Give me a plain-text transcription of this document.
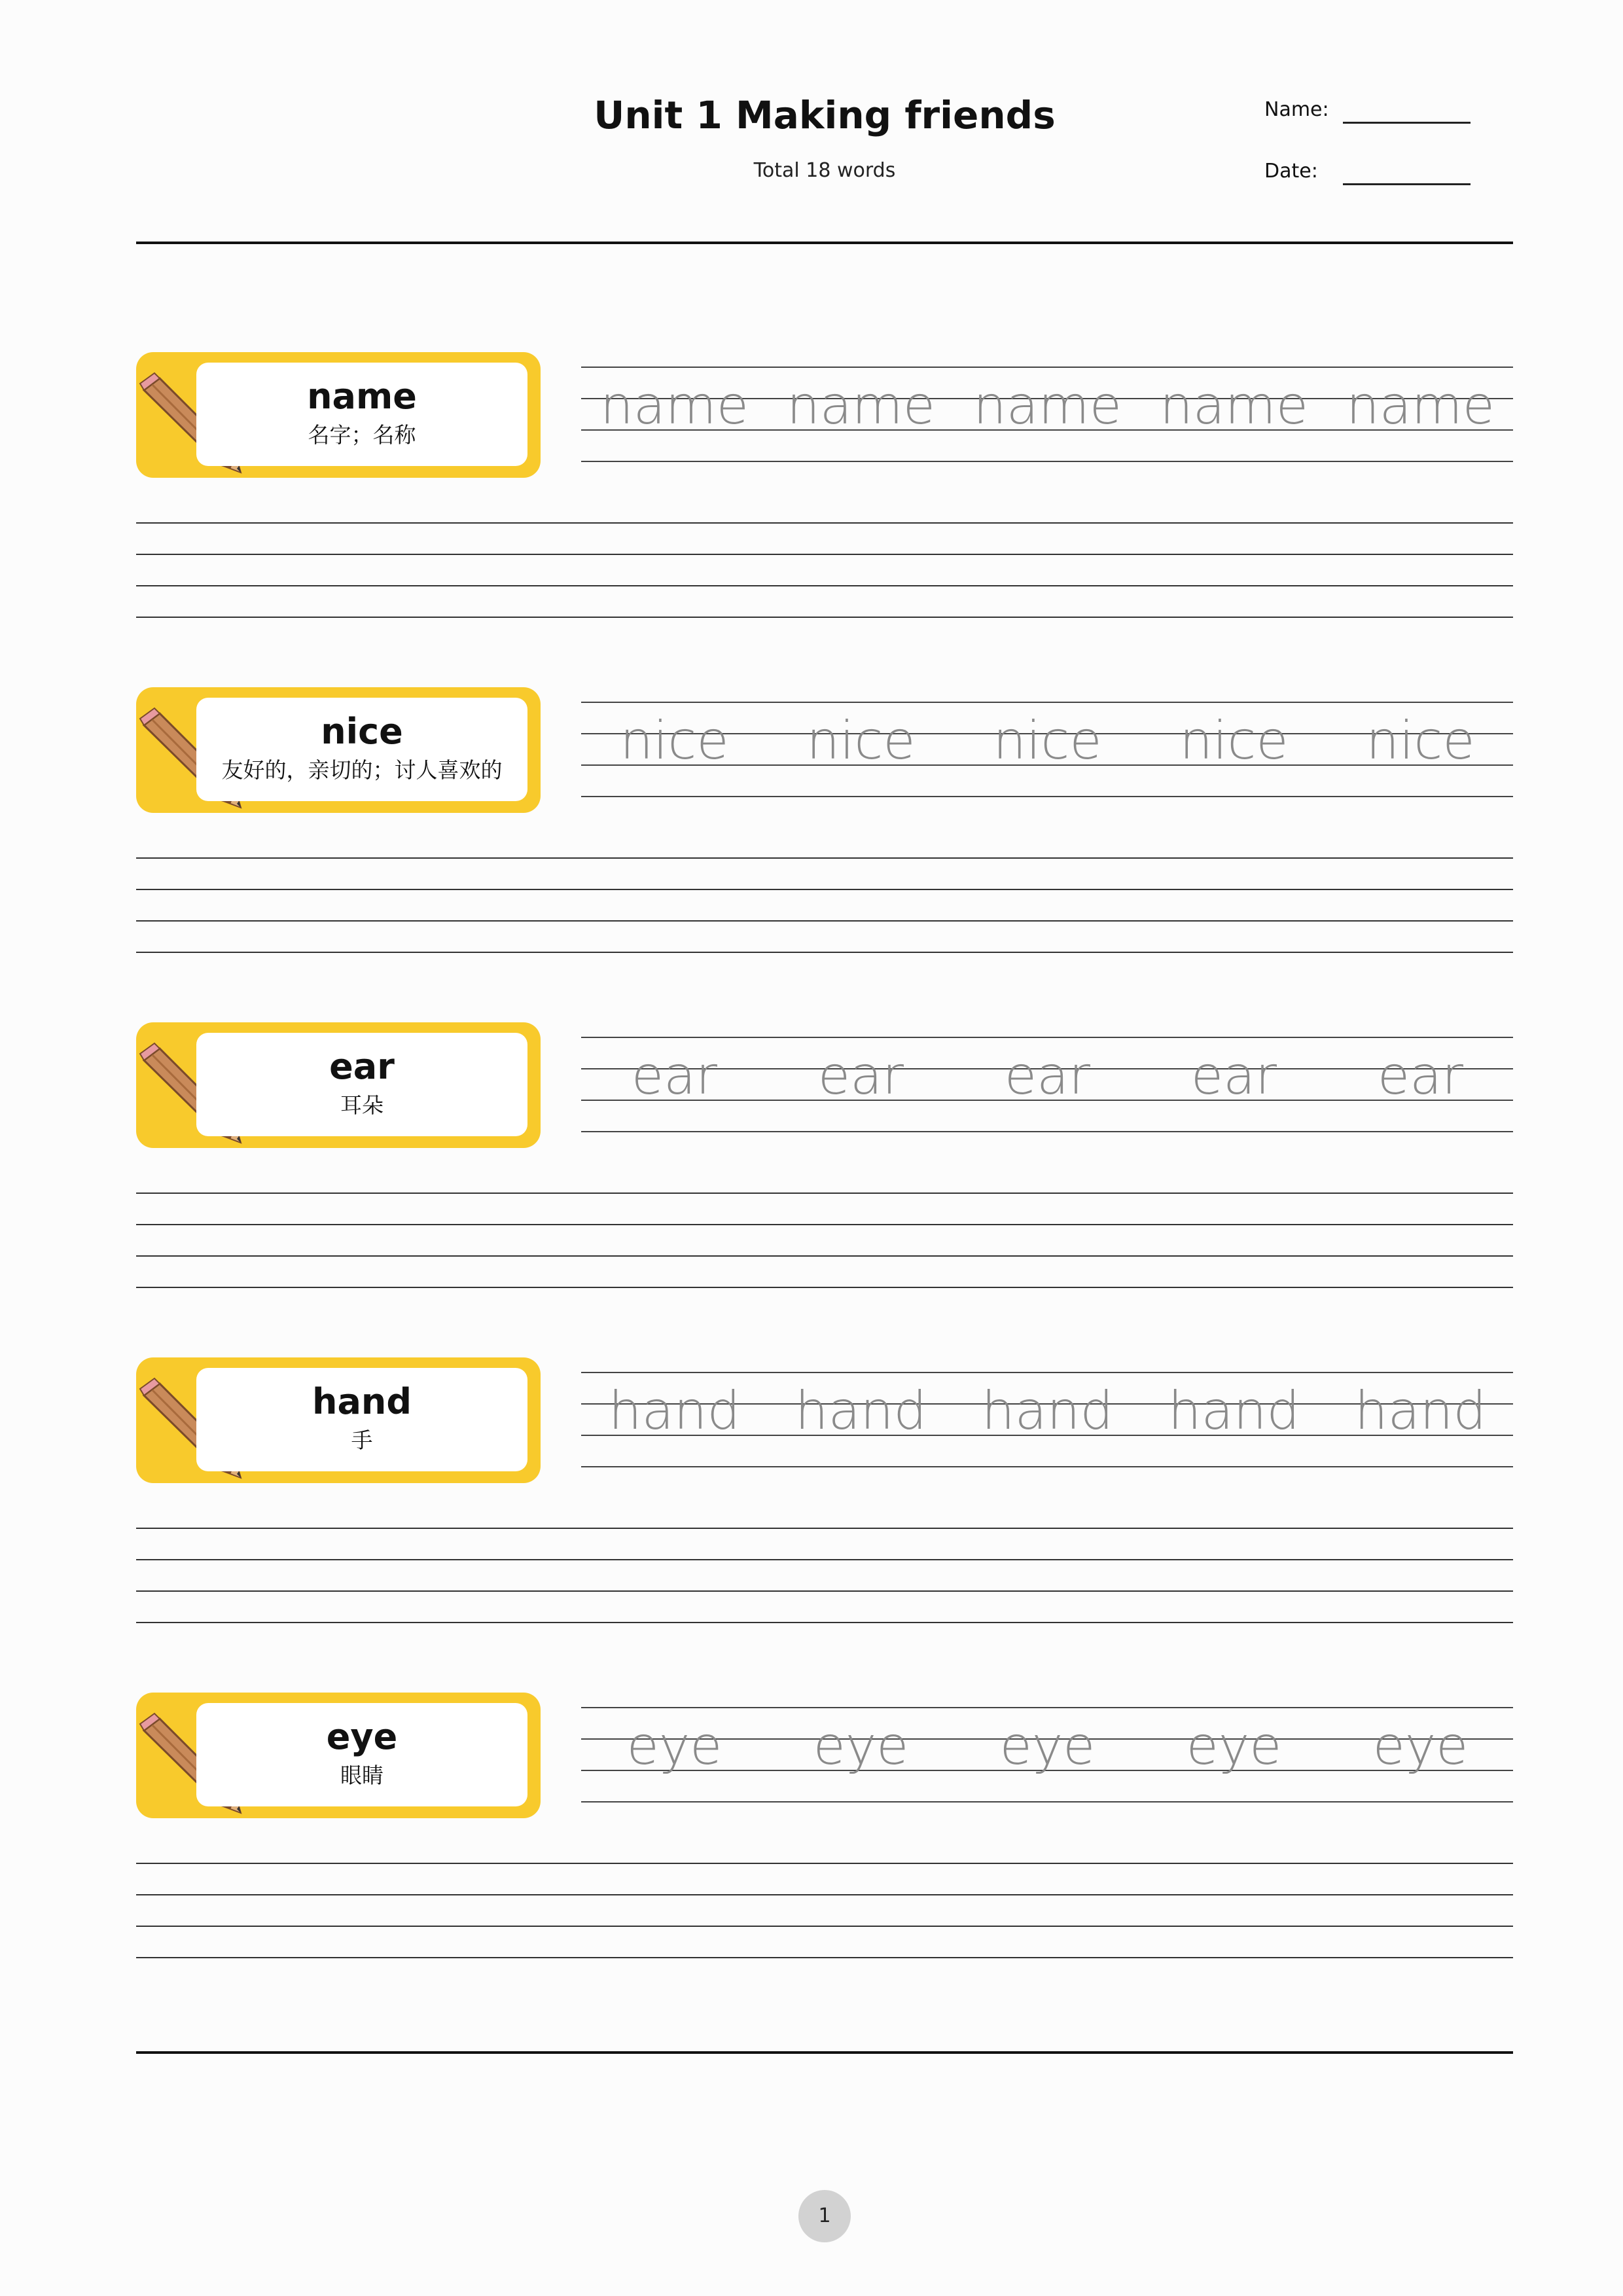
Unit 1 Making friends
Total 18 words
Name:
Date:
name
名字；名称	name name name name name
nice
友好的，亲切的；讨人喜欢的	nice	nice	nice	nice	nice
ear
耳朵	ear	ear	ear	ear	ear
hand
手	hand	hand	hand	hand	hand
eye
眼睛	eye	eye	eye	eye	eye
1
